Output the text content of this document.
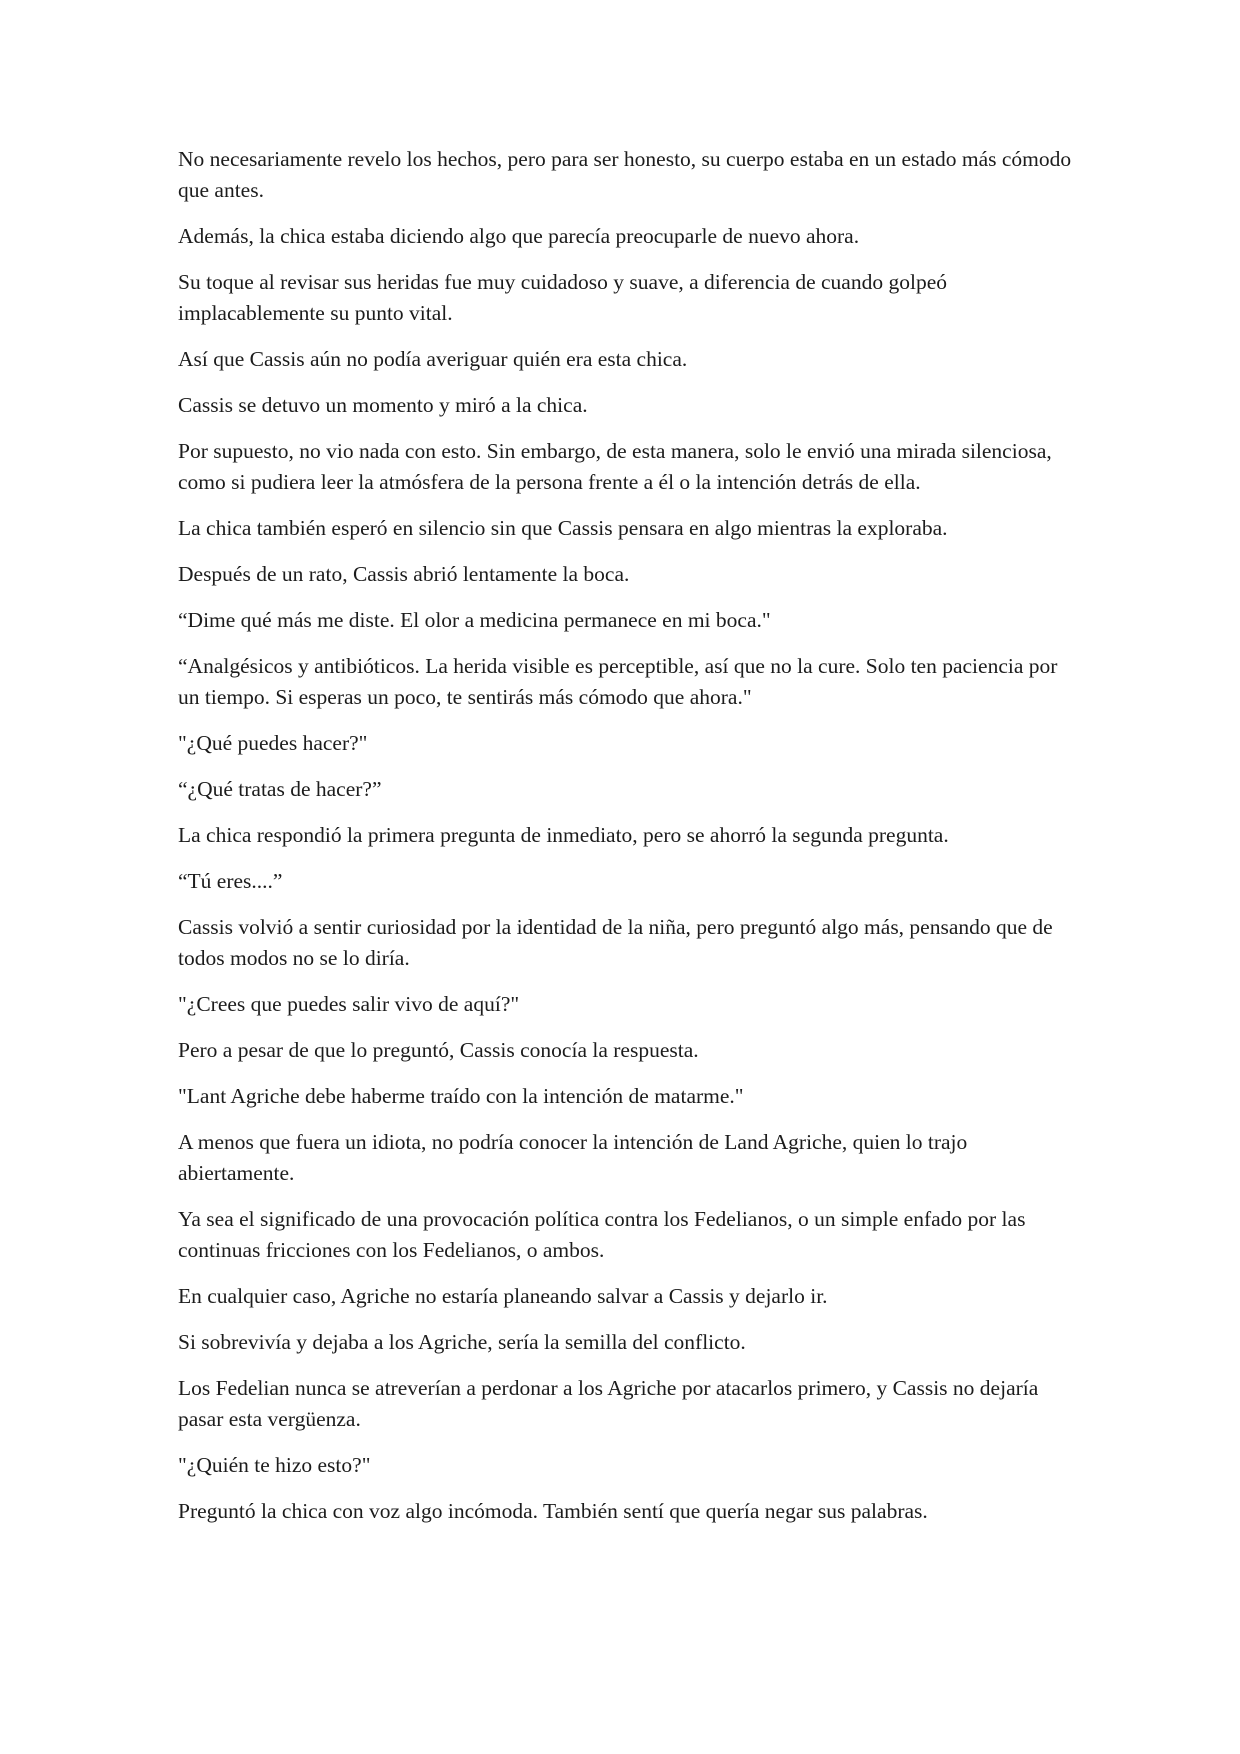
No necesariamente revelo los hechos, pero para ser honesto, su cuerpo estaba en un estado más cómodo que antes.

Además, la chica estaba diciendo algo que parecía preocuparle de nuevo ahora.

Su toque al revisar sus heridas fue muy cuidadoso y suave, a diferencia de cuando golpeó implacablemente su punto vital.

Así que Cassis aún no podía averiguar quién era esta chica.

Cassis se detuvo un momento y miró a la chica.

Por supuesto, no vio nada con esto. Sin embargo, de esta manera, solo le envió una mirada silenciosa, como si pudiera leer la atmósfera de la persona frente a él o la intención detrás de ella.

La chica también esperó en silencio sin que Cassis pensara en algo mientras la exploraba.

Después de un rato, Cassis abrió lentamente la boca.

“Dime qué más me diste. El olor a medicina permanece en mi boca."

“Analgésicos y antibióticos. La herida visible es perceptible, así que no la cure. Solo ten paciencia por un tiempo. Si esperas un poco, te sentirás más cómodo que ahora."

"¿Qué puedes hacer?"

“¿Qué tratas de hacer?”

La chica respondió la primera pregunta de inmediato, pero se ahorró la segunda pregunta.

“Tú eres....”

Cassis volvió a sentir curiosidad por la identidad de la niña, pero preguntó algo más, pensando que de todos modos no se lo diría.

"¿Crees que puedes salir vivo de aquí?"

Pero a pesar de que lo preguntó, Cassis conocía la respuesta.

"Lant Agriche debe haberme traído con la intención de matarme."

A menos que fuera un idiota, no podría conocer la intención de Land Agriche, quien lo trajo abiertamente.

Ya sea el significado de una provocación política contra los Fedelianos, o un simple enfado por las continuas fricciones con los Fedelianos, o ambos.

En cualquier caso, Agriche no estaría planeando salvar a Cassis y dejarlo ir.

Si sobrevivía y dejaba a los Agriche, sería la semilla del conflicto.

Los Fedelian nunca se atreverían a perdonar a los Agriche por atacarlos primero, y Cassis no dejaría pasar esta vergüenza.

"¿Quién te hizo esto?"

Preguntó la chica con voz algo incómoda. También sentí que quería negar sus palabras.
